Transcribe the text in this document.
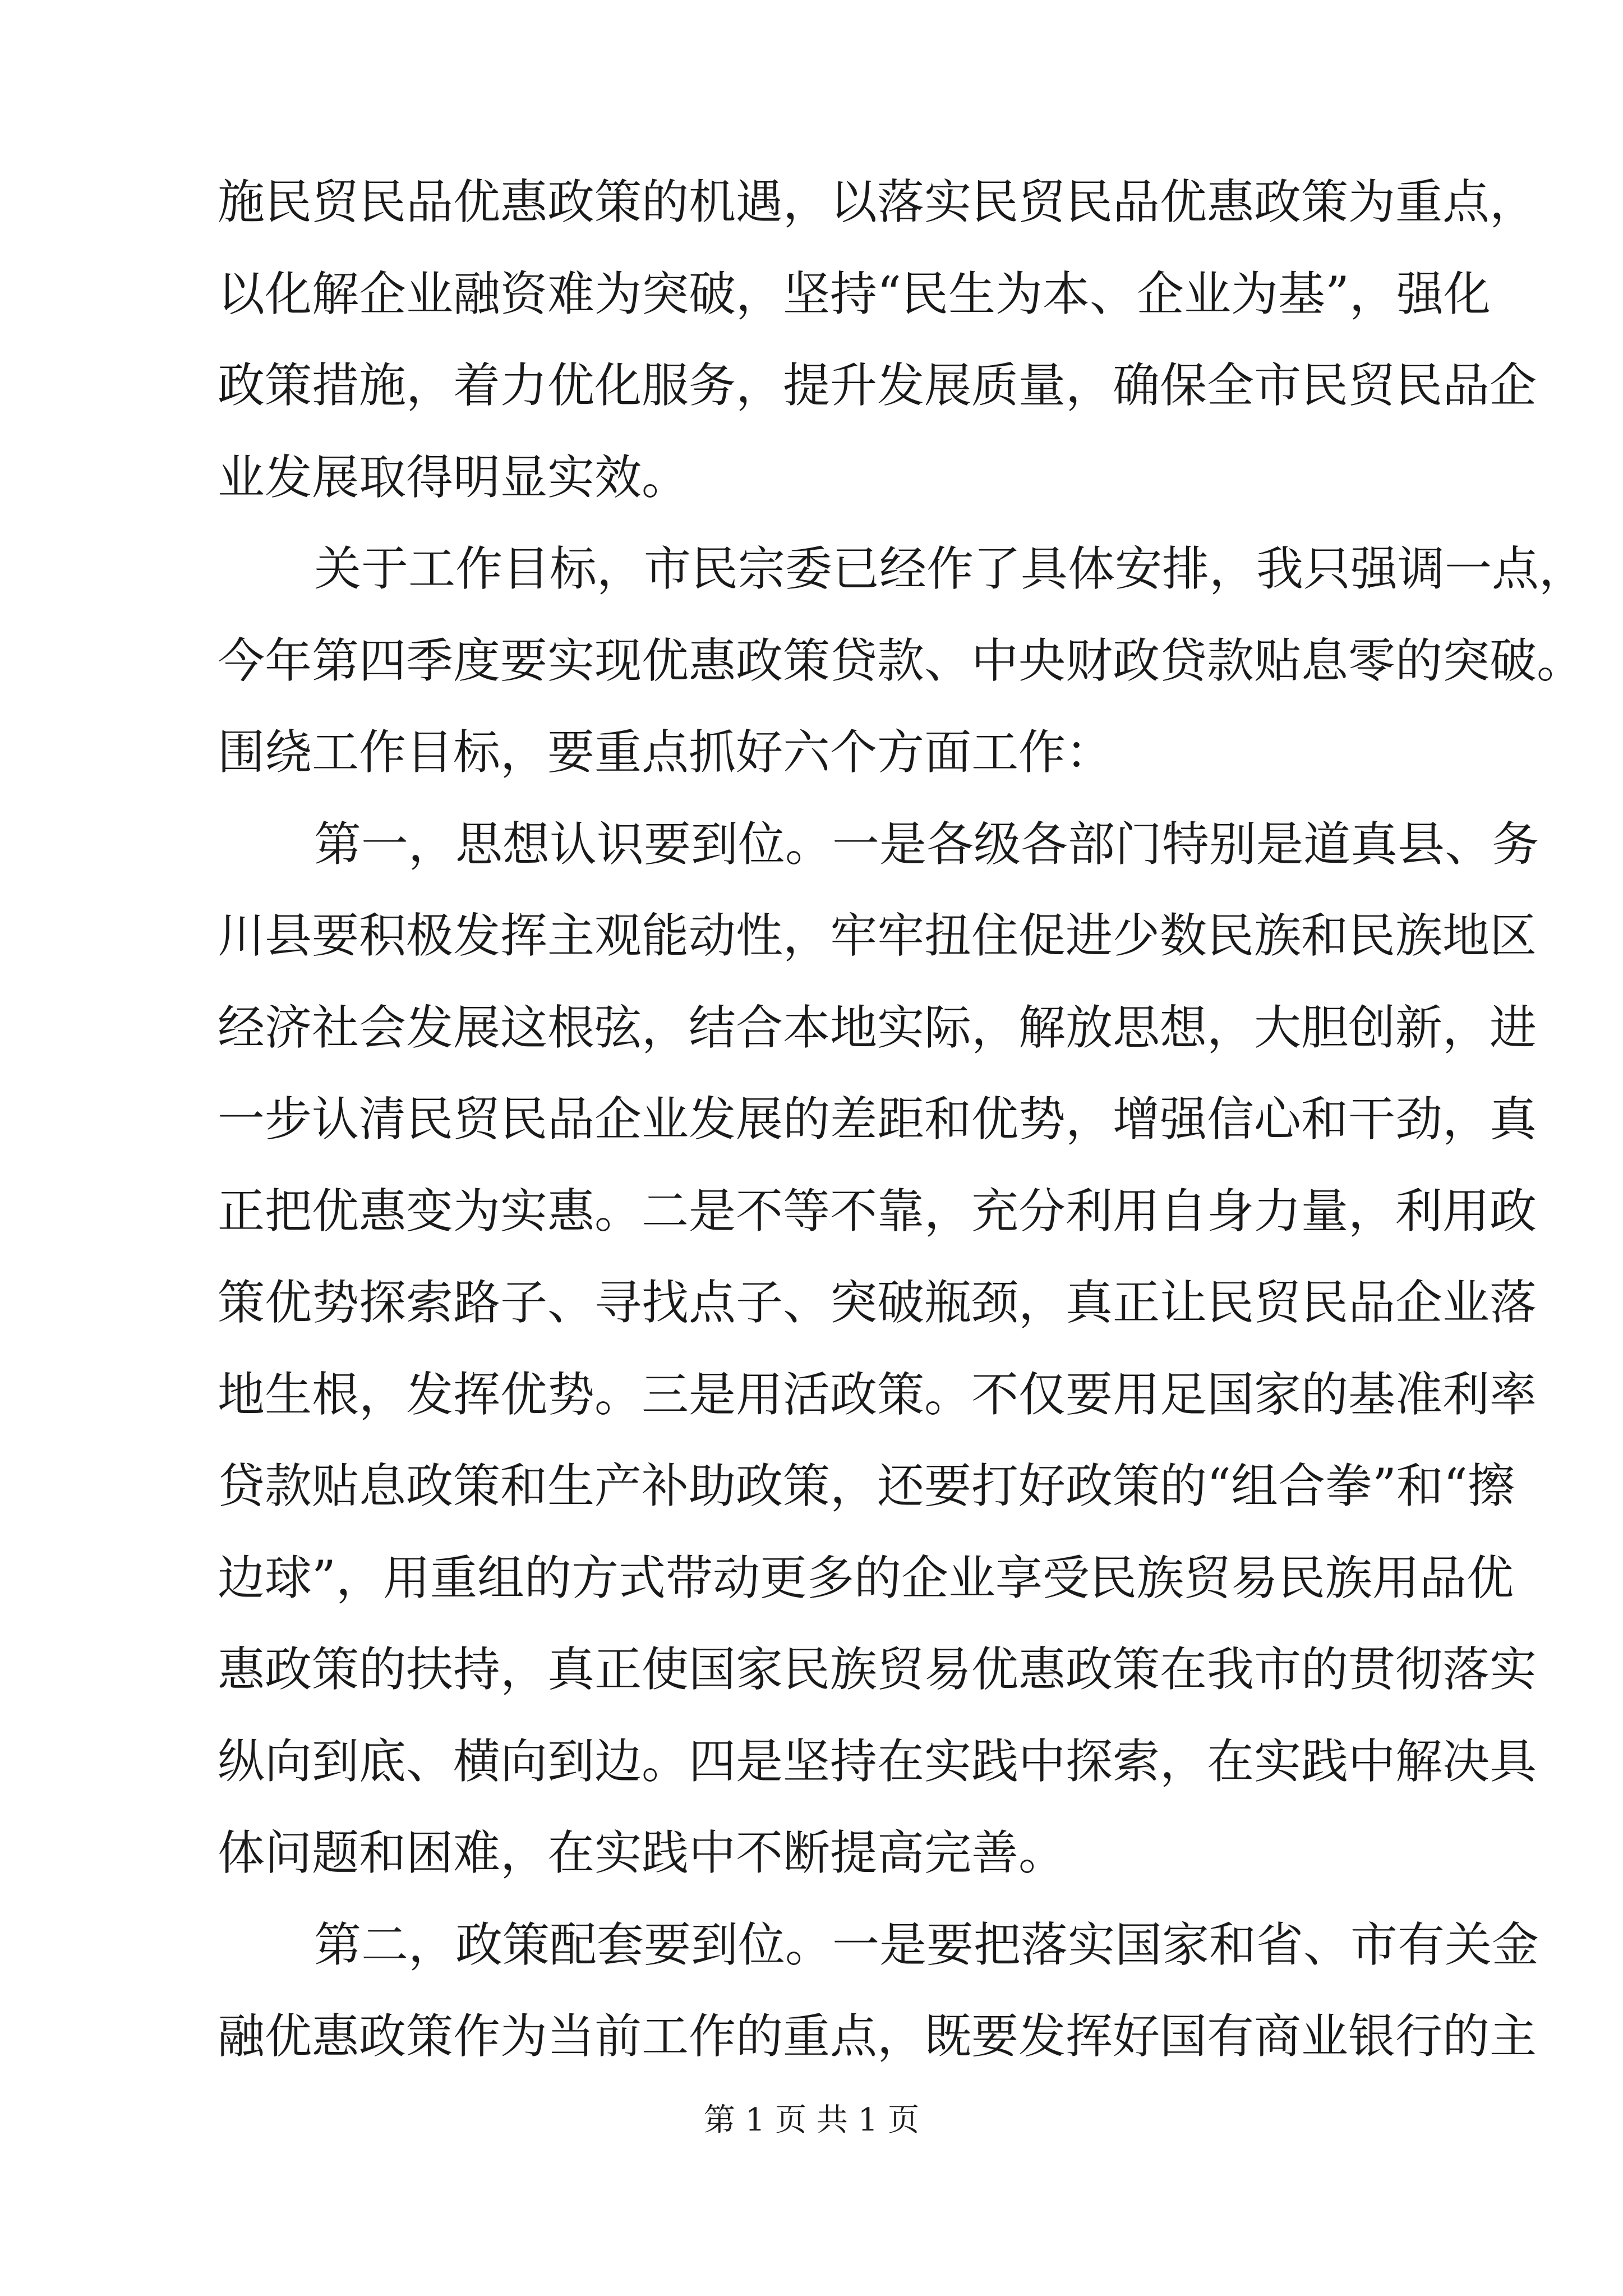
施民贸民品优惠政策的机遇，以落实民贸民品优惠政策为重点，
以化解企业融资难为突破，坚持“民生为本、企业为基”，强化
政策措施，着力优化服务，提升发展质量，确保全市民贸民品企
业发展取得明显实效。
关于工作目标，市民宗委已经作了具体安排，我只强调一点，
今年第四季度要实现优惠政策贷款、中央财政贷款贴息零的突破。
围绕工作目标，要重点抓好六个方面工作：
第一，思想认识要到位。一是各级各部门特别是道真县、务
川县要积极发挥主观能动性，牢牢扭住促进少数民族和民族地区
经济社会发展这根弦，结合本地实际，解放思想，大胆创新，进
一步认清民贸民品企业发展的差距和优势，增强信心和干劲，真
正把优惠变为实惠。二是不等不靠，充分利用自身力量，利用政
策优势探索路子、寻找点子、突破瓶颈，真正让民贸民品企业落
地生根，发挥优势。三是用活政策。不仅要用足国家的基准利率
贷款贴息政策和生产补助政策，还要打好政策的“组合拳”和“擦
边球”，用重组的方式带动更多的企业享受民族贸易民族用品优
惠政策的扶持，真正使国家民族贸易优惠政策在我市的贯彻落实
纵向到底、横向到边。四是坚持在实践中探索，在实践中解决具
体问题和困难，在实践中不断提高完善。
第二，政策配套要到位。一是要把落实国家和省、市有关金
融优惠政策作为当前工作的重点，既要发挥好国有商业银行的主
第 1 页 共 1 页
